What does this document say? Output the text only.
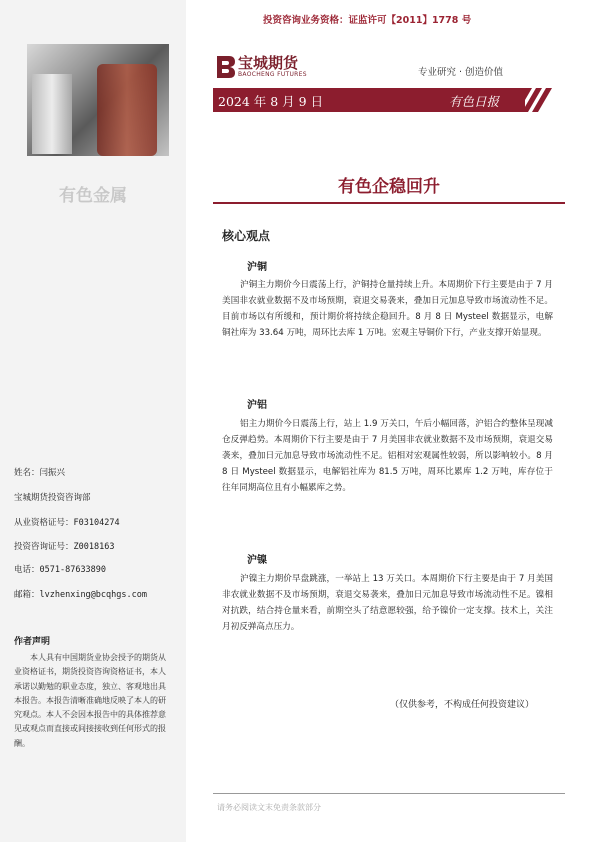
有色金属
姓名：闫振兴
宝城期货投资咨询部
从业资格证号：F03104274
投资咨询证号：Z0018163
电话：0571-87633890
邮箱：lvzhenxing@bcqhgs.com
作者声明
本人具有中国期货业协会授予的期货从业资格证书，期货投资咨询资格证书，本人承诺以勤勉的职业态度，独立、客观地出具本报告。本报告清晰准确地反映了本人的研究观点。本人不会因本报告中的具体推荐意见或观点而直接或间接接收到任何形式的报酬。
投资咨询业务资格：证监许可【2011】1778 号
宝城期货
BAOCHENG FUTURES	专业研究 · 创造价值
2024 年 8 月 9 日	有色日报
有色企稳回升
核心观点
沪铜
沪铜主力期价今日震荡上行，沪铜持仓量持续上升。本周期价下行主要是由于 7 月美国非农就业数据不及市场预期，衰退交易袭来，叠加日元加息导致市场流动性不足。目前市场以有所缓和，预计期价将持续企稳回升。8 月 8 日 Mysteel 数据显示，电解铜社库为 33.64 万吨，周环比去库 1 万吨。宏观主导铜价下行，产业支撑开始显现。
沪铝
铝主力期价今日震荡上行，站上 1.9 万关口，午后小幅回落，沪铝合约整体呈现减仓反弹趋势。本周期价下行主要是由于 7 月美国非农就业数据不及市场预期，衰退交易袭来，叠加日元加息导致市场流动性不足。铝相对宏观属性较弱，所以影响较小。8 月 8 日 Mysteel 数据显示，电解铝社库为 81.5 万吨，周环比累库 1.2 万吨，库存位于往年同期高位且有小幅累库之势。
沪镍
沪镍主力期价早盘跳涨，一举站上 13 万关口。本周期价下行主要是由于 7 月美国非农就业数据不及市场预期，衰退交易袭来，叠加日元加息导致市场流动性不足。镍相对抗跌，结合持仓量来看，前期空头了结意愿较强，给予镍价一定支撑。技术上，关注月初反弹高点压力。
（仅供参考，不构成任何投资建议）
请务必阅读文末免责条款部分
